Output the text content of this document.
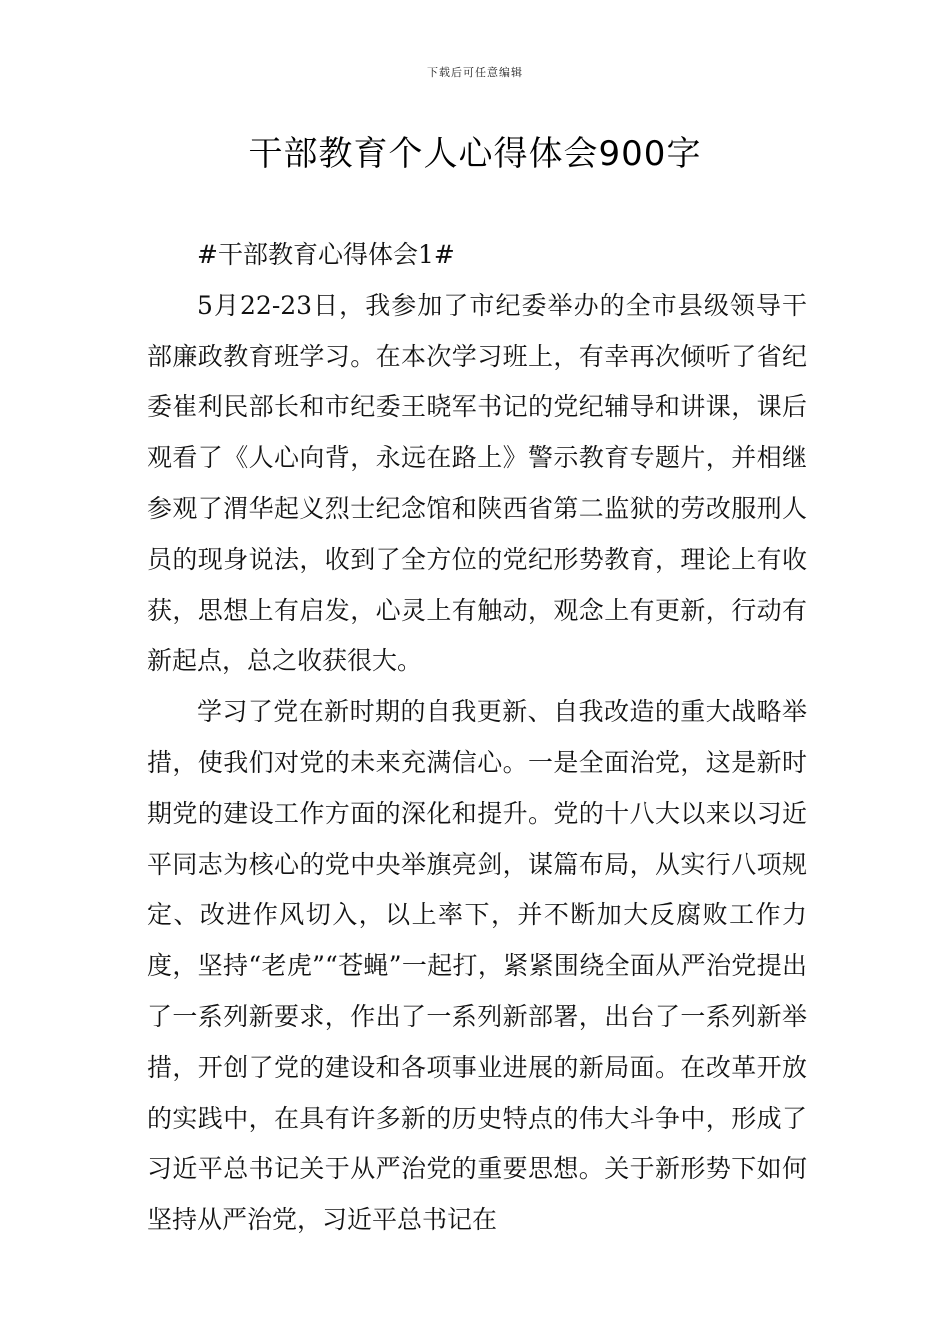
下载后可任意编辑
干部教育个人心得体会900字

#干部教育心得体会1#

5月22-23日，我参加了市纪委举办的全市县级领导干部廉政教育班学习。在本次学习班上，有幸再次倾听了省纪委崔利民部长和市纪委王晓军书记的党纪辅导和讲课，课后观看了《人心向背，永远在路上》警示教育专题片，并相继参观了渭华起义烈士纪念馆和陕西省第二监狱的劳改服刑人员的现身说法，收到了全方位的党纪形势教育，理论上有收获，思想上有启发，心灵上有触动，观念上有更新，行动有新起点，总之收获很大。

学习了党在新时期的自我更新、自我改造的重大战略举措，使我们对党的未来充满信心。一是全面治党，这是新时期党的建设工作方面的深化和提升。党的十八大以来以习近平同志为核心的党中央举旗亮剑，谋篇布局，从实行八项规定、改进作风切入，以上率下，并不断加大反腐败工作力度，坚持“老虎”“苍蝇”一起打，紧紧围绕全面从严治党提出了一系列新要求，作出了一系列新部署，出台了一系列新举措，开创了党的建设和各项事业进展的新局面。在改革开放的实践中，在具有许多新的历史特点的伟大斗争中，形成了习近平总书记关于从严治党的重要思想。关于新形势下如何坚持从严治党，习近平总书记在
